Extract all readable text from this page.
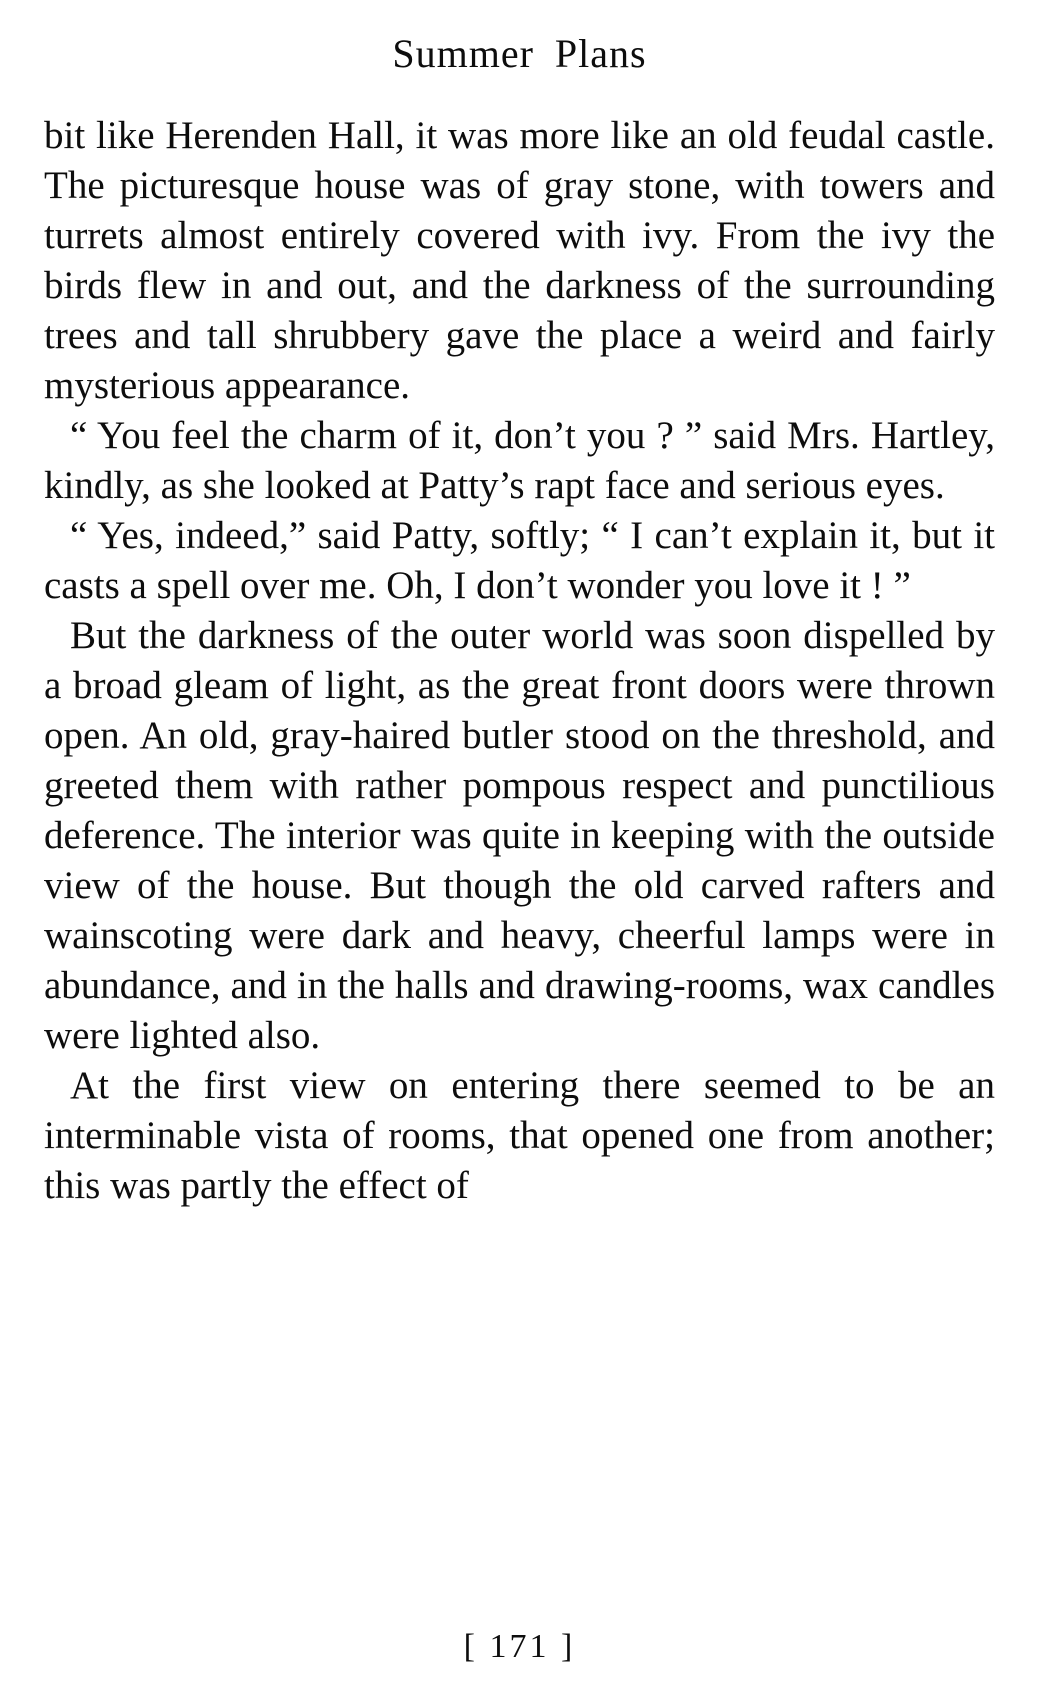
Summer Plans

bit like Herenden Hall, it was more like an old feudal castle. The picturesque house was of gray stone, with towers and turrets almost entirely covered with ivy. From the ivy the birds flew in and out, and the darkness of the surrounding trees and tall shrubbery gave the place a weird and fairly mysterious appearance.

“ You feel the charm of it, don’t you ? ” said Mrs. Hartley, kindly, as she looked at Patty’s rapt face and serious eyes.

“ Yes, indeed,” said Patty, softly; “ I can’t explain it, but it casts a spell over me. Oh, I don’t wonder you love it ! ”

But the darkness of the outer world was soon dispelled by a broad gleam of light, as the great front doors were thrown open. An old, gray-haired butler stood on the threshold, and greeted them with rather pompous respect and punctilious deference. The interior was quite in keeping with the outside view of the house. But though the old carved rafters and wainscoting were dark and heavy, cheerful lamps were in abundance, and in the halls and drawing-rooms, wax candles were lighted also.

At the first view on entering there seemed to be an interminable vista of rooms, that opened one from another; this was partly the effect of

[ 171 ]
